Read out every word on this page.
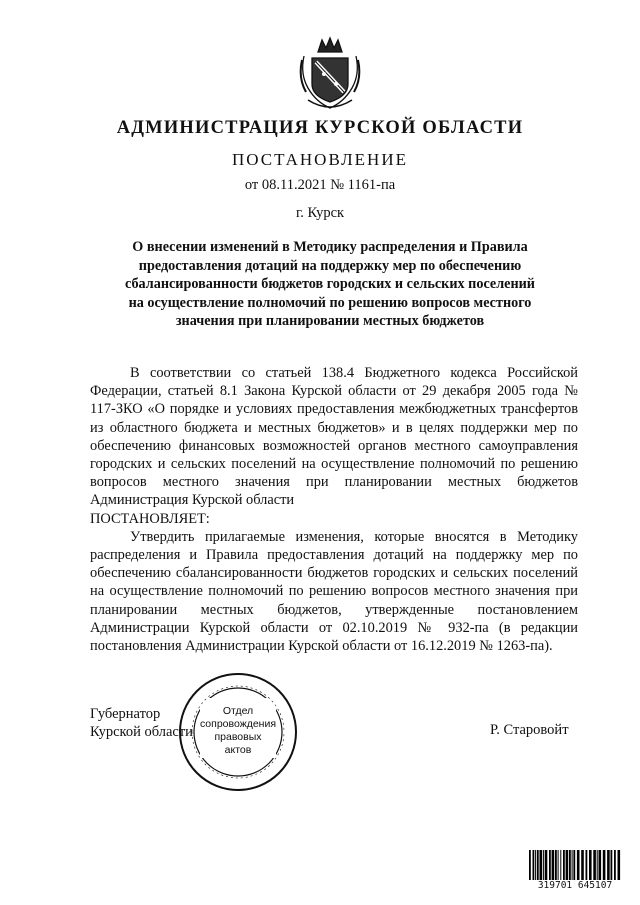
АДМИНИСТРАЦИЯ КУРСКОЙ ОБЛАСТИ
ПОСТАНОВЛЕНИЕ
от 08.11.2021 № 1161-па
г. Курск
О внесении изменений в Методику распределения и Правила
предоставления дотаций на поддержку мер по обеспечению
сбалансированности бюджетов городских и сельских поселений
на осуществление полномочий по решению вопросов местного
значения при планировании местных бюджетов

В соответствии со статьей 138.4 Бюджетного кодекса Российской Федерации, статьей 8.1 Закона Курской области от 29 декабря 2005 года № 117-ЗКО «О порядке и условиях предоставления межбюджетных трансфертов из областного бюджета и местных бюджетов» и в целях поддержки мер по обеспечению финансовых возможностей органов местного самоуправления городских и сельских поселений на осуществление полномочий по решению вопросов местного значения при планировании местных бюджетов Администрация Курской области

ПОСТАНОВЛЯЕТ:

Утвердить прилагаемые изменения, которые вносятся в Методику распределения и Правила предоставления дотаций на поддержку мер по обеспечению сбалансированности бюджетов городских и сельских поселений на осуществление полномочий по решению вопросов местного значения при планировании местных бюджетов, утвержденные постановлением Администрации Курской области от 02.10.2019 № 932-па (в редакции постановления Администрации Курской области от 16.12.2019 № 1263-па).

Губернатор
Курской области
Отдел
сопровождения
правовых
актов
Р. Старовойт
319701 645107
